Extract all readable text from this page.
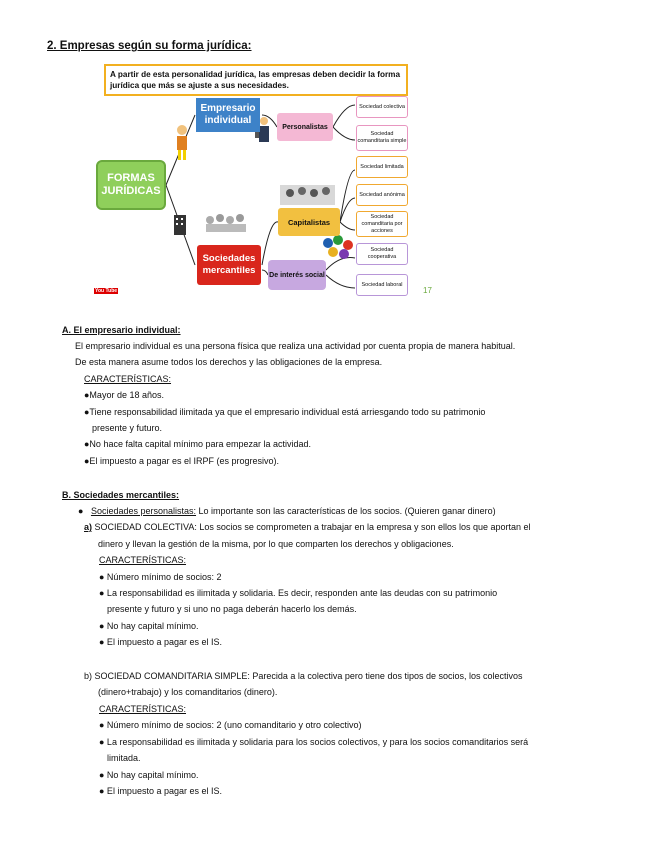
2. Empresas según su forma jurídica:
A partir de esta personalidad jurídica, las empresas deben decidir la forma jurídica que más se ajuste a sus necesidades.
FORMAS JURÍDICAS
Empresario individual
Sociedades mercantiles
Personalistas
Capitalistas
De interés social
Sociedad colectiva
Sociedad comanditaria simple
Sociedad limitada
Sociedad anónima
Sociedad comanditaria por acciones
Sociedad cooperativa
Sociedad laboral
You Tube	17
A. El empresario individual:
El empresario individual es una persona física que realiza una actividad por cuenta propia de manera habitual.
De esta manera asume todos los derechos y las obligaciones de la empresa.
CARACTERÍSTICAS:
●Mayor de 18 años.
●Tiene responsabilidad ilimitada ya que el empresario individual está arriesgando todo su patrimonio
presente y futuro.
●No hace falta capital mínimo para empezar la actividad.
●El impuesto a pagar es el IRPF (es progresivo).
B. Sociedades mercantiles:
● Sociedades personalistas: Lo importante son las características de los socios. (Quieren ganar dinero)
a) SOCIEDAD COLECTIVA: Los socios se comprometen a trabajar en la empresa y son ellos los que aportan el
dinero y llevan la gestión de la misma, por lo que comparten los derechos y obligaciones.
CARACTERÍSTICAS:
● Número mínimo de socios: 2
● La responsabilidad es ilimitada y solidaria. Es decir, responden ante las deudas con su patrimonio
presente y futuro y si uno no paga deberán hacerlo los demás.
● No hay capital mínimo.
● El impuesto a pagar es el IS.
b) SOCIEDAD COMANDITARIA SIMPLE: Parecida a la colectiva pero tiene dos tipos de socios, los colectivos
(dinero+trabajo) y los comanditarios (dinero).
CARACTERÍSTICAS:
● Número mínimo de socios: 2 (uno comanditario y otro colectivo)
● La responsabilidad es ilimitada y solidaria para los socios colectivos, y para los socios comanditarios será
limitada.
● No hay capital mínimo.
● El impuesto a pagar es el IS.
